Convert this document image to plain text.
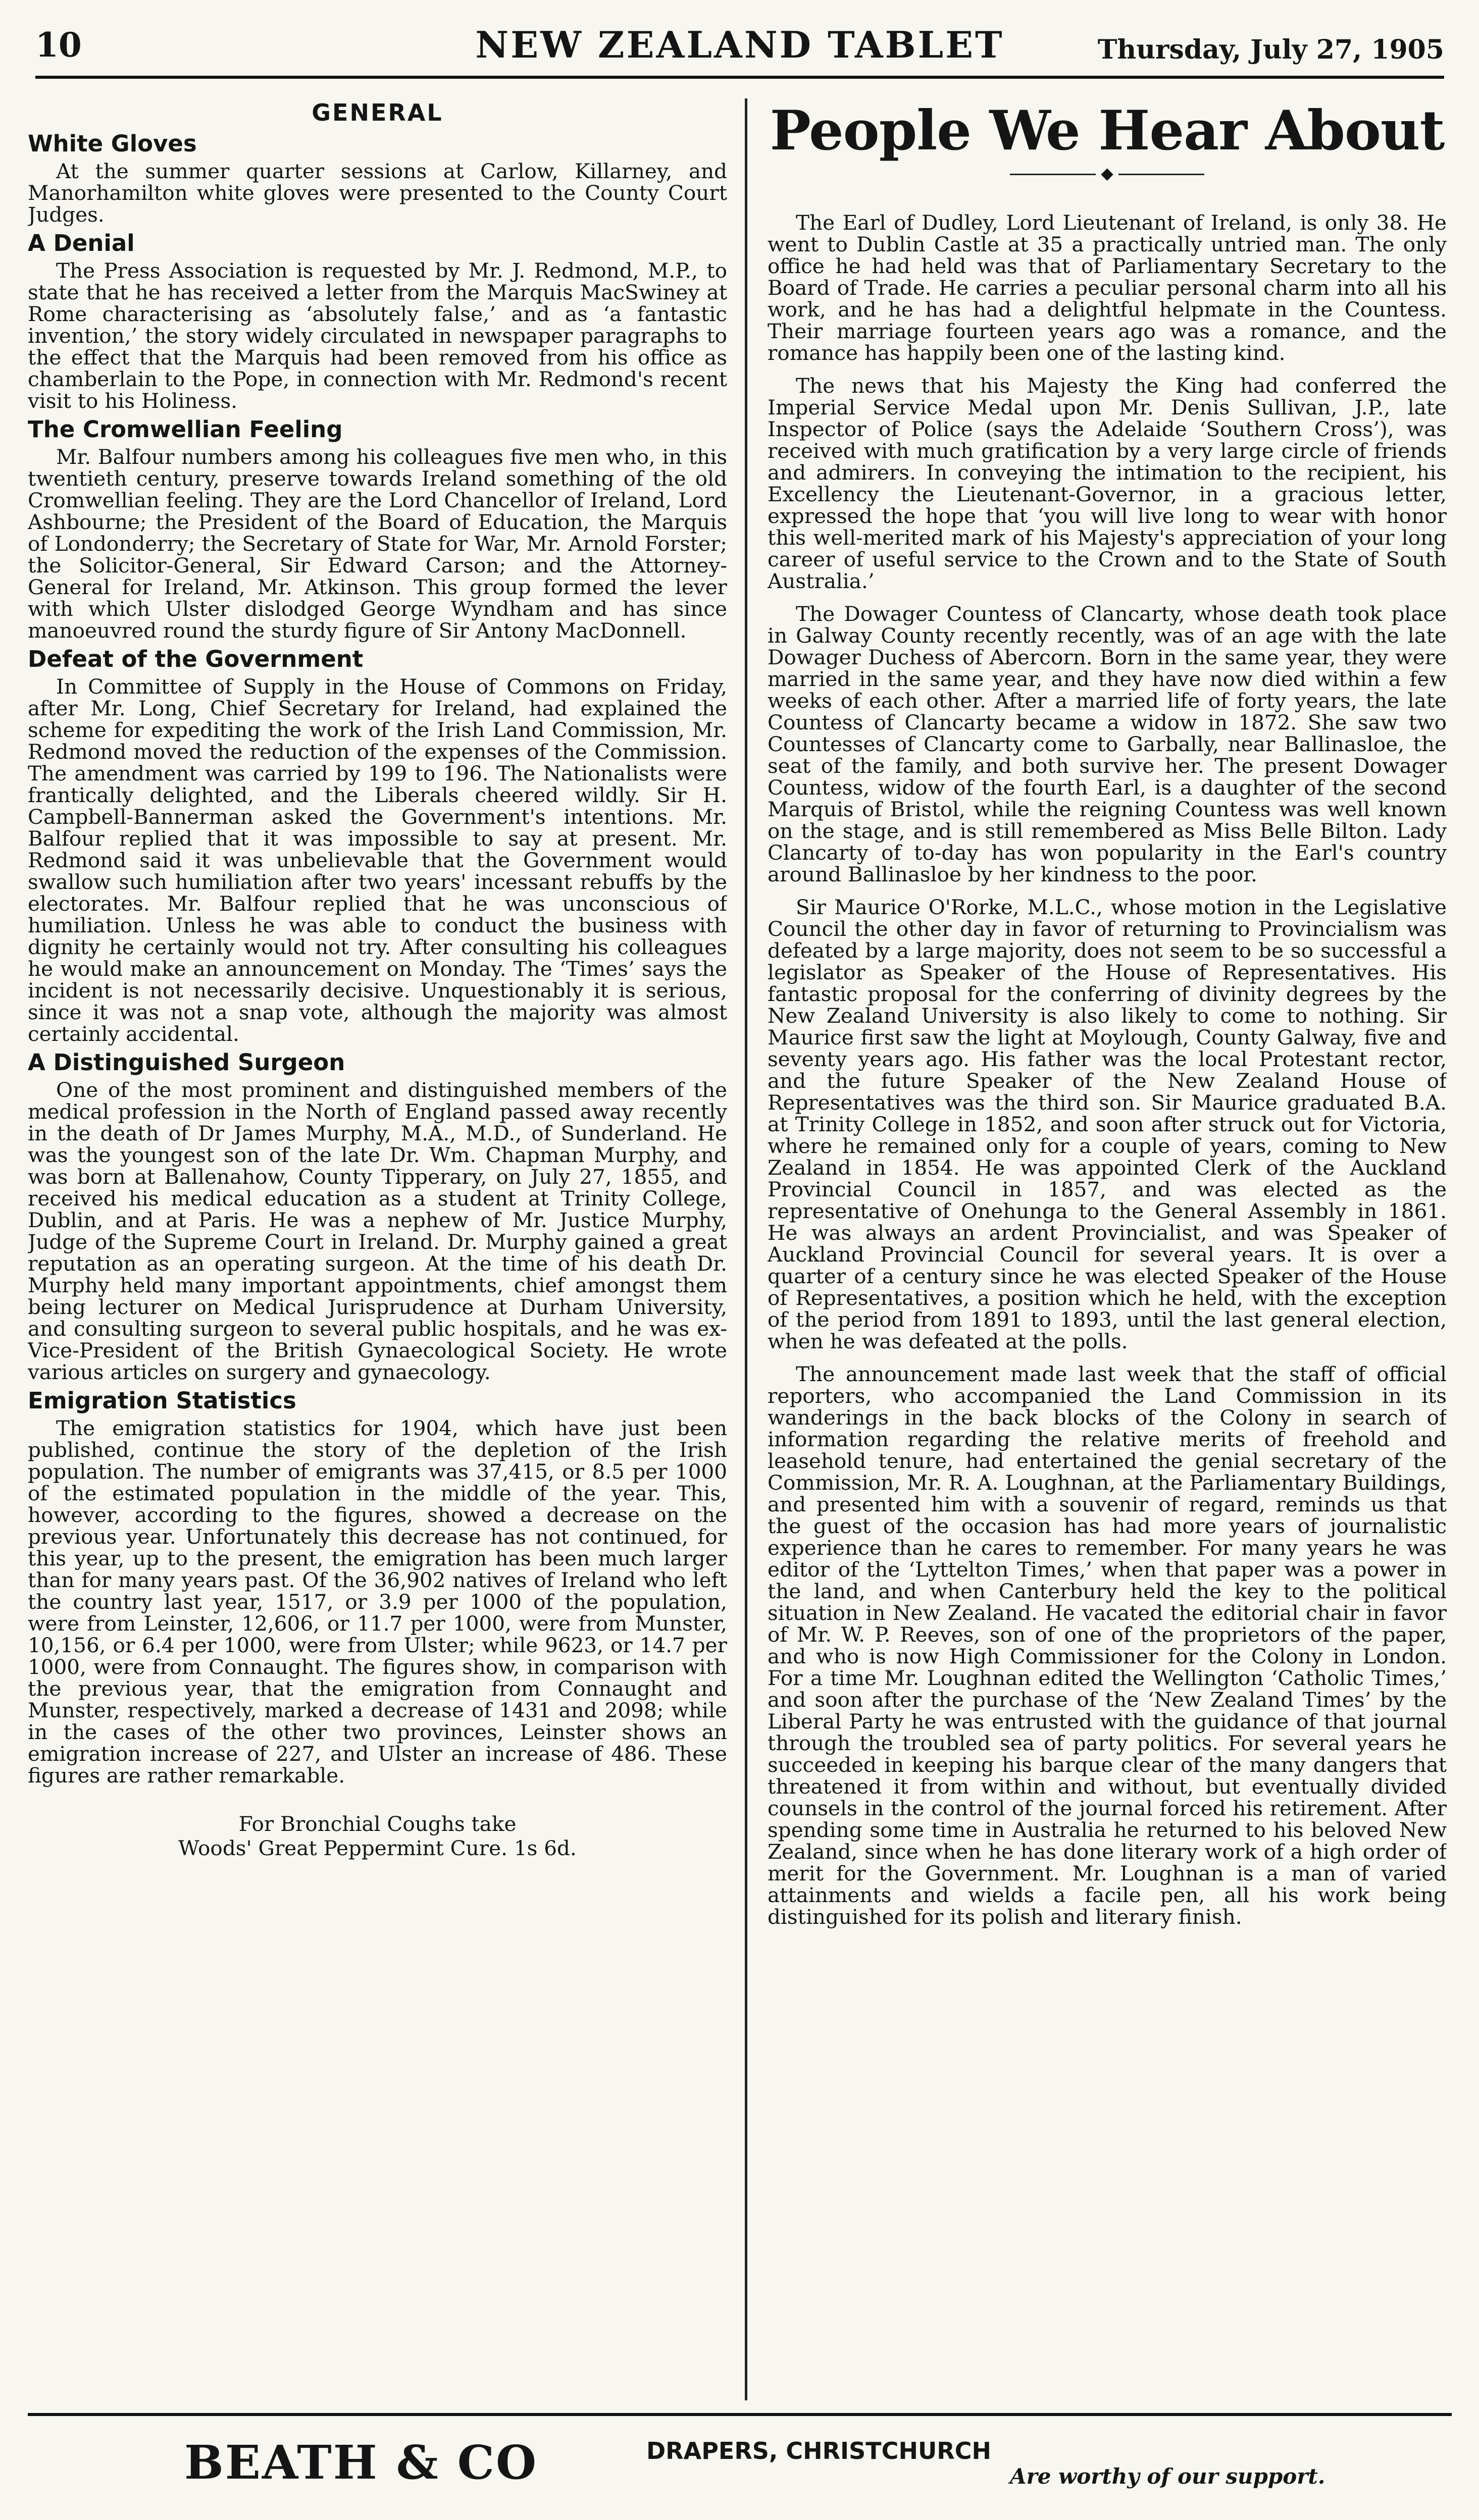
10	NEW ZEALAND TABLET	Thursday, July 27, 1905
GENERAL
White Gloves

At the summer quarter sessions at Carlow, Killarney, and Manorhamilton white gloves were presented to the County Court Judges.

A Denial

The Press Association is requested by Mr. J. Redmond, M.P., to state that he has received a letter from the Marquis MacSwiney at Rome characterising as ‘absolutely false,’ and as ‘a fantastic invention,’ the story widely circulated in newspaper paragraphs to the effect that the Marquis had been removed from his office as chamberlain to the Pope, in connection with Mr. Redmond's recent visit to his Holiness.

The Cromwellian Feeling

Mr. Balfour numbers among his colleagues five men who, in this twentieth century, preserve towards Ireland something of the old Cromwellian feeling. They are the Lord Chancellor of Ireland, Lord Ashbourne; the President of the Board of Education, the Marquis of Londonderry; the Secretary of State for War, Mr. Arnold Forster; the Solicitor-General, Sir Edward Carson; and the Attorney-General for Ireland, Mr. Atkinson. This group formed the lever with which Ulster dislodged George Wyndham and has since manoeuvred round the sturdy figure of Sir Antony MacDonnell.

Defeat of the Government

In Committee of Supply in the House of Commons on Friday, after Mr. Long, Chief Secretary for Ireland, had explained the scheme for expediting the work of the Irish Land Commission, Mr. Redmond moved the reduction of the expenses of the Commission. The amendment was carried by 199 to 196. The Nationalists were frantically delighted, and the Liberals cheered wildly. Sir H. Campbell-Bannerman asked the Government's intentions. Mr. Balfour replied that it was impossible to say at present. Mr. Redmond said it was unbelievable that the Government would swallow such humiliation after two years' incessant rebuffs by the electorates. Mr. Balfour replied that he was unconscious of humiliation. Unless he was able to conduct the business with dignity he certainly would not try. After consulting his colleagues he would make an announcement on Monday. The ‘Times’ says the incident is not necessarily decisive. Unquestionably it is serious, since it was not a snap vote, although the majority was almost certainly accidental.

A Distinguished Surgeon

One of the most prominent and distinguished members of the medical profession in the North of England passed away recently in the death of Dr James Murphy, M.A., M.D., of Sunderland. He was the youngest son of the late Dr. Wm. Chapman Murphy, and was born at Ballenahow, County Tipperary, on July 27, 1855, and received his medical education as a student at Trinity College, Dublin, and at Paris. He was a nephew of Mr. Justice Murphy, Judge of the Supreme Court in Ireland. Dr. Murphy gained a great reputation as an operating surgeon. At the time of his death Dr. Murphy held many important appointments, chief amongst them being lecturer on Medical Jurisprudence at Durham University, and consulting surgeon to several public hospitals, and he was ex-Vice-President of the British Gynaecological Society. He wrote various articles on surgery and gynaecology.

Emigration Statistics

The emigration statistics for 1904, which have just been published, continue the story of the depletion of the Irish population. The number of emigrants was 37,415, or 8.5 per 1000 of the estimated population in the middle of the year. This, however, according to the figures, showed a decrease on the previous year. Unfortunately this decrease has not continued, for this year, up to the present, the emigration has been much larger than for many years past. Of the 36,902 natives of Ireland who left the country last year, 1517, or 3.9 per 1000 of the population, were from Leinster, 12,606, or 11.7 per 1000, were from Munster, 10,156, or 6.4 per 1000, were from Ulster; while 9623, or 14.7 per 1000, were from Connaught. The figures show, in comparison with the previous year, that the emigration from Connaught and Munster, respectively, marked a decrease of 1431 and 2098; while in the cases of the other two provinces, Leinster shows an emigration increase of 227, and Ulster an increase of 486. These figures are rather remarkable.

For Bronchial Coughs take
Woods' Great Peppermint Cure. 1s 6d.
People We Hear About
◆

The Earl of Dudley, Lord Lieutenant of Ireland, is only 38. He went to Dublin Castle at 35 a practically untried man. The only office he had held was that of Parliamentary Secretary to the Board of Trade. He carries a peculiar personal charm into all his work, and he has had a delightful helpmate in the Countess. Their marriage fourteen years ago was a romance, and the romance has happily been one of the lasting kind.

The news that his Majesty the King had conferred the Imperial Service Medal upon Mr. Denis Sullivan, J.P., late Inspector of Police (says the Adelaide ‘Southern Cross’), was received with much gratification by a very large circle of friends and admirers. In conveying the intimation to the recipient, his Excellency the Lieutenant-Governor, in a gracious letter, expressed the hope that ‘you will live long to wear with honor this well-merited mark of his Majesty's appreciation of your long career of useful service to the Crown and to the State of South Australia.’

The Dowager Countess of Clancarty, whose death took place in Galway County recently recently, was of an age with the late Dowager Duchess of Abercorn. Born in the same year, they were married in the same year, and they have now died within a few weeks of each other. After a married life of forty years, the late Countess of Clancarty became a widow in 1872. She saw two Countesses of Clancarty come to Garbally, near Ballinasloe, the seat of the family, and both survive her. The present Dowager Countess, widow of the fourth Earl, is a daughter of the second Marquis of Bristol, while the reigning Countess was well known on the stage, and is still remembered as Miss Belle Bilton. Lady Clancarty of to-day has won popularity in the Earl's country around Ballinasloe by her kindness to the poor.

Sir Maurice O'Rorke, M.L.C., whose motion in the Legislative Council the other day in favor of returning to Provincialism was defeated by a large majority, does not seem to be so successful a legislator as Speaker of the House of Representatives. His fantastic proposal for the conferring of divinity degrees by the New Zealand University is also likely to come to nothing. Sir Maurice first saw the light at Moylough, County Galway, five and seventy years ago. His father was the local Protestant rector, and the future Speaker of the New Zealand House of Representatives was the third son. Sir Maurice graduated B.A. at Trinity College in 1852, and soon after struck out for Victoria, where he remained only for a couple of years, coming to New Zealand in 1854. He was appointed Clerk of the Auckland Provincial Council in 1857, and was elected as the representative of Onehunga to the General Assembly in 1861. He was always an ardent Provincialist, and was Speaker of Auckland Provincial Council for several years. It is over a quarter of a century since he was elected Speaker of the House of Representatives, a position which he held, with the exception of the period from 1891 to 1893, until the last general election, when he was defeated at the polls.

The announcement made last week that the staff of official reporters, who accompanied the Land Commission in its wanderings in the back blocks of the Colony in search of information regarding the relative merits of freehold and leasehold tenure, had entertained the genial secretary of the Commission, Mr. R. A. Loughnan, at the Parliamentary Buildings, and presented him with a souvenir of regard, reminds us that the guest of the occasion has had more years of journalistic experience than he cares to remember. For many years he was editor of the ‘Lyttelton Times,’ when that paper was a power in the land, and when Canterbury held the key to the political situation in New Zealand. He vacated the editorial chair in favor of Mr. W. P. Reeves, son of one of the proprietors of the paper, and who is now High Commissioner for the Colony in London. For a time Mr. Loughnan edited the Wellington ‘Catholic Times,’ and soon after the purchase of the ‘New Zealand Times’ by the Liberal Party he was entrusted with the guidance of that journal through the troubled sea of party politics. For several years he succeeded in keeping his barque clear of the many dangers that threatened it from within and without, but eventually divided counsels in the control of the journal forced his retirement. After spending some time in Australia he returned to his beloved New Zealand, since when he has done literary work of a high order of merit for the Government. Mr. Loughnan is a man of varied attainments and wields a facile pen, all his work being distinguished for its polish and literary finish.

BEATH & CO	DRAPERS, CHRISTCHURCH
Are worthy of our support.
